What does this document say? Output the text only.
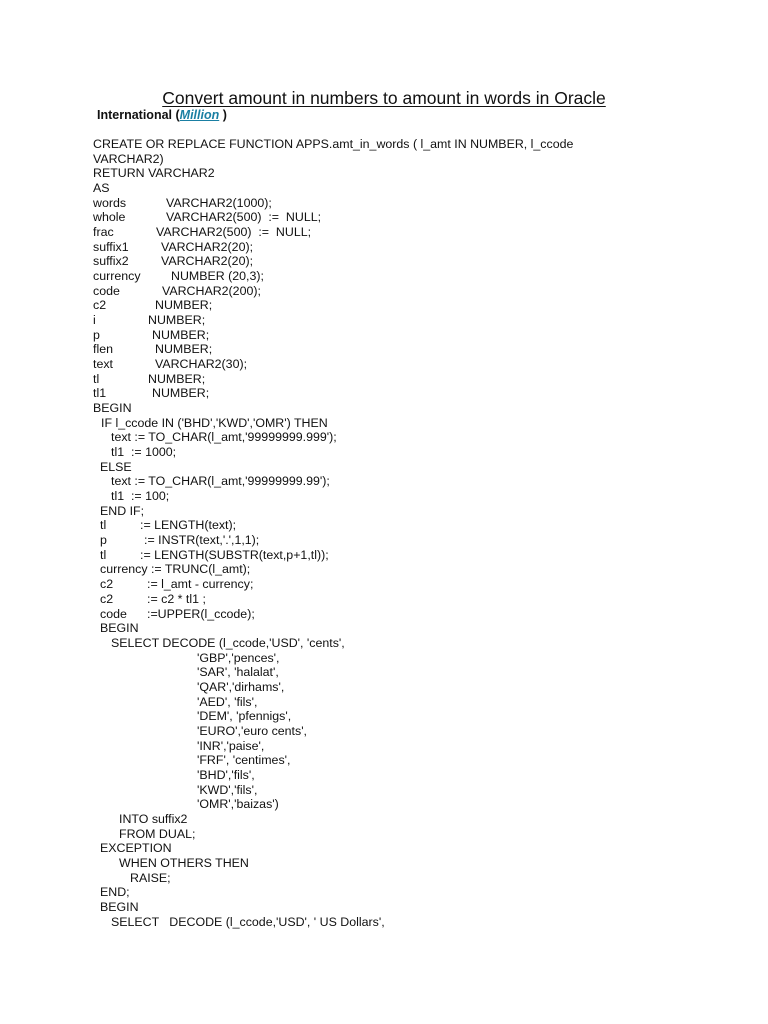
Convert amount in numbers to amount in words in Oracle
International (Million )
CREATE OR REPLACE FUNCTION APPS.amt_in_words ( l_amt IN NUMBER, l_ccode
VARCHAR2)
RETURN VARCHAR2
AS
words	VARCHAR2(1000);
whole	VARCHAR2(500)  :=  NULL;
frac	VARCHAR2(500)  :=  NULL;
suffix1	VARCHAR2(20);
suffix2	VARCHAR2(20);
currency NUMBER (20,3);
code	VARCHAR2(200);
c2	NUMBER;
i	NUMBER;
p	NUMBER;
flen	NUMBER;
text	VARCHAR2(30);
tl	NUMBER;
tl1	NUMBER;
BEGIN
IF l_ccode IN ('BHD','KWD','OMR') THEN
text := TO_CHAR(l_amt,'99999999.999');
tl1  := 1000;
ELSE
text := TO_CHAR(l_amt,'99999999.99');
tl1  := 100;
END IF;
tl	:= LENGTH(text);
p	:= INSTR(text,'.',1,1);
tl	:= LENGTH(SUBSTR(text,p+1,tl));
currency := TRUNC(l_amt);
c2	:= l_amt - currency;
c2	:= c2 * tl1 ;
code :=UPPER(l_ccode);
BEGIN
SELECT DECODE (l_ccode,'USD', 'cents',
'GBP','pences',
'SAR', 'halalat',
'QAR','dirhams',
'AED', 'fils',
'DEM', 'pfennigs',
'EURO','euro cents',
'INR','paise',
'FRF', 'centimes',
'BHD','fils',
'KWD','fils',
'OMR','baizas')
INTO suffix2
FROM DUAL;
EXCEPTION
WHEN OTHERS THEN
RAISE;
END;
BEGIN
SELECT   DECODE (l_ccode,'USD', ' US Dollars',
